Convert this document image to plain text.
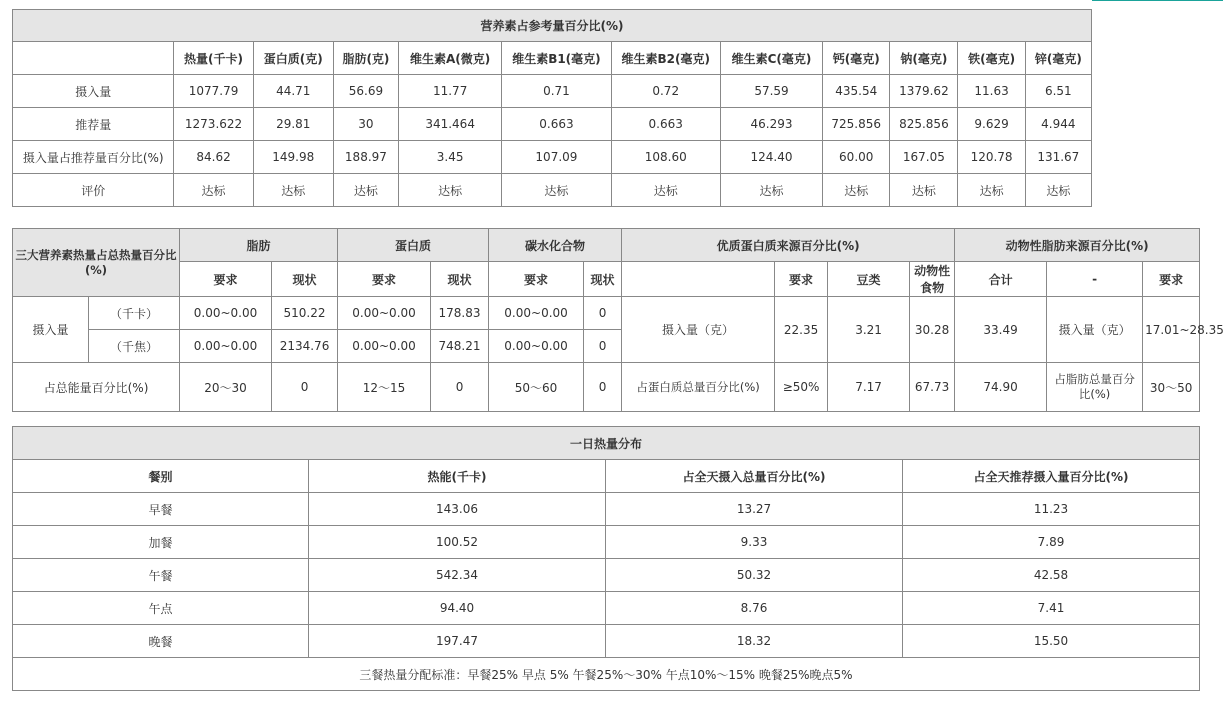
营养素占参考量百分比(%)											
	热量(千卡)	蛋白质(克)	脂肪(克)	维生素A(微克)	维生素B1(毫克)	维生素B2(毫克)	维生素C(毫克)	钙(毫克)	钠(毫克)	铁(毫克)	锌(毫克)
摄入量	1077.79	44.71	56.69	11.77	0.71	0.72	57.59	435.54	1379.62	11.63	6.51
推荐量	1273.622	29.81	30	341.464	0.663	0.663	46.293	725.856	825.856	9.629	4.944
摄入量占推荐量百分比(%)	84.62	149.98	188.97	3.45	107.09	108.60	124.40	60.00	167.05	120.78	131.67
评价	达标	达标	达标	达标	达标	达标	达标	达标	达标	达标	达标
三大营养素热量占总热量百分比(%)		脂肪		蛋白质		碳水化合物		优质蛋白质来源百分比(%)				动物性脂肪来源百分比(%)			
		要求	现状	要求	现状	要求	现状		要求	豆类	动物性食物	合计	-	要求	
摄入量	（千卡）	0.00~0.00	510.22	0.00~0.00	178.83	0.00~0.00	0	摄入量（克）	22.35	3.21	30.28	33.49	摄入量（克）	17.01~28.35	
	（千焦）	0.00~0.00	2134.76	0.00~0.00	748.21	0.00~0.00	0								
占总能量百分比(%)		20～30	0	12～15	0	50～60	0	占蛋白质总量百分比(%)	≥50%	7.17	67.73	74.90	占脂肪总量百分比(%)	30～50	
一日热量分布			
餐别	热能(千卡)	占全天摄入总量百分比(%)	占全天推荐摄入量百分比(%)
早餐	143.06	13.27	11.23
加餐	100.52	9.33	7.89
午餐	542.34	50.32	42.58
午点	94.40	8.76	7.41
晚餐	197.47	18.32	15.50
三餐热量分配标准：早餐25% 早点 5% 午餐25%～30% 午点10%～15% 晚餐25%晚点5%			
